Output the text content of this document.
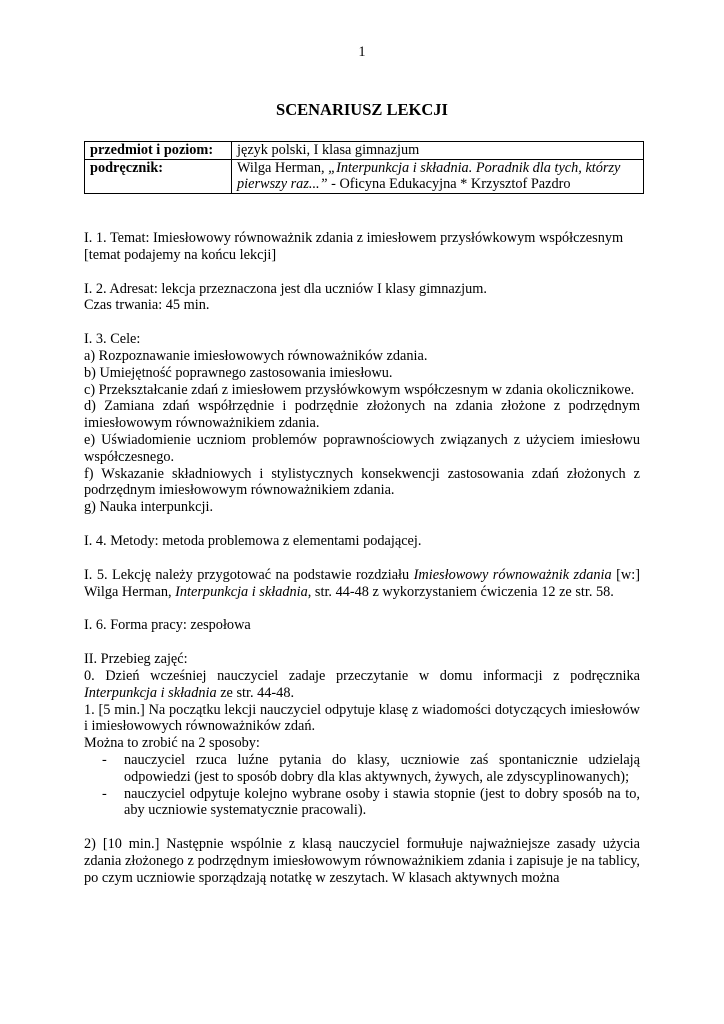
1
SCENARIUSZ LEKCJI
przedmiot i poziom:	język polski, I klasa gimnazjum
podręcznik:	Wilga Herman, „Interpunkcja i składnia. Poradnik dla tych, którzy pierwszy raz...” - Oficyna Edukacyjna * Krzysztof Pazdro

I. 1. Temat: Imiesłowowy równoważnik zdania z imiesłowem przysłówkowym współczesnym

[temat podajemy na końcu lekcji]

I. 2. Adresat: lekcja przeznaczona jest dla uczniów I klasy gimnazjum.

Czas trwania: 45 min.

I. 3. Cele:

a) Rozpoznawanie imiesłowowych równoważników zdania.

b) Umiejętność poprawnego zastosowania imiesłowu.

c) Przekształcanie zdań z imiesłowem przysłówkowym współczesnym w zdania okolicznikowe.

d) Zamiana zdań współrzędnie i podrzędnie złożonych na zdania złożone z podrzędnym imiesłowowym równoważnikiem zdania.

e) Uświadomienie uczniom problemów poprawnościowych związanych z użyciem imiesłowu współczesnego.

f) Wskazanie składniowych i stylistycznych konsekwencji zastosowania zdań złożonych z podrzędnym imiesłowowym równoważnikiem zdania.

g) Nauka interpunkcji.

I. 4. Metody: metoda problemowa z elementami podającej.

I. 5. Lekcję należy przygotować na podstawie rozdziału Imiesłowowy równoważnik zdania [w:] Wilga Herman, Interpunkcja i składnia, str. 44-48 z wykorzystaniem ćwiczenia 12 ze str. 58.

I. 6. Forma pracy: zespołowa

II. Przebieg zajęć:

0. Dzień wcześniej nauczyciel zadaje przeczytanie w domu informacji z podręcznika Interpunkcja i składnia ze str. 44-48.

1. [5 min.] Na początku lekcji nauczyciel odpytuje klasę z wiadomości dotyczących imiesłowów i imiesłowowych równoważników zdań.

Można to zrobić na 2 sposoby:

-	nauczyciel rzuca luźne pytania do klasy, uczniowie zaś spontanicznie udzielają odpowiedzi (jest to sposób dobry dla klas aktywnych, żywych, ale zdyscyplinowanych);
-	nauczyciel odpytuje kolejno wybrane osoby i stawia stopnie (jest to dobry sposób na to, aby uczniowie systematycznie pracowali).

2) [10 min.] Następnie wspólnie z klasą nauczyciel formułuje najważniejsze zasady użycia zdania złożonego z podrzędnym imiesłowowym równoważnikiem zdania i zapisuje je na tablicy, po czym uczniowie sporządzają notatkę w zeszytach. W klasach aktywnych można
